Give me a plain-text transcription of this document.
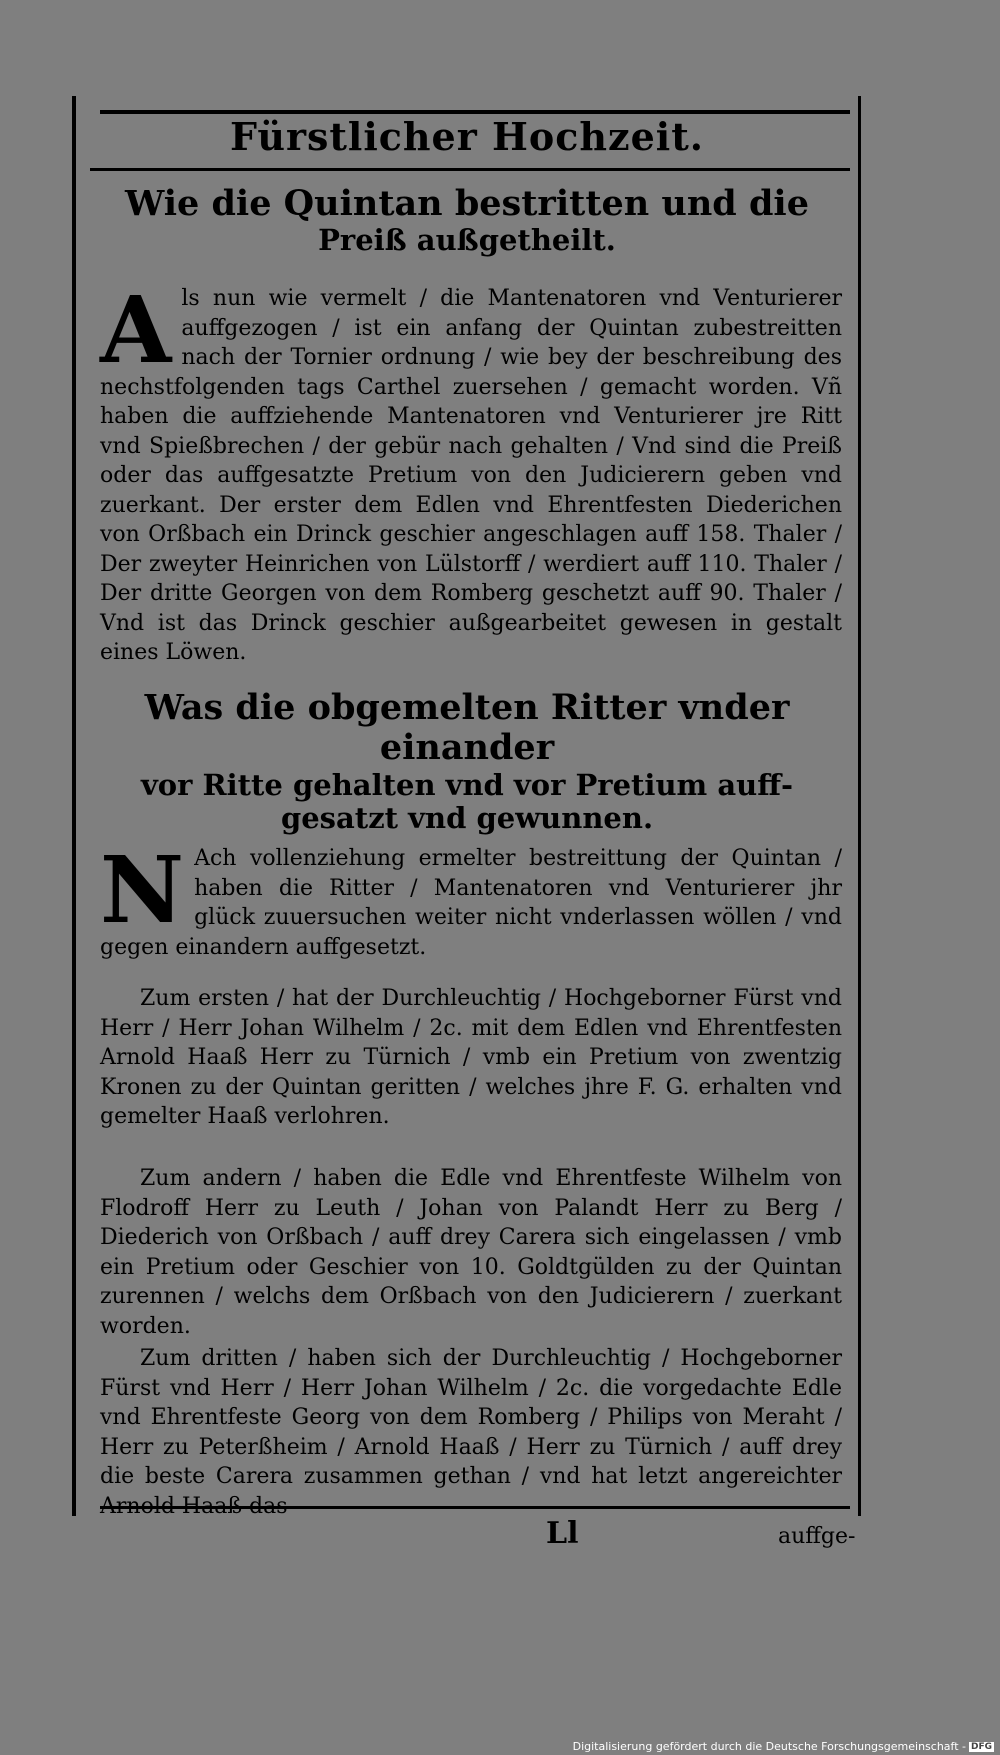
Fürstlicher Hochzeit.
Wie die Quintan bestritten und die
Preiß außgetheilt.
Als nun wie vermelt / die Mantenatoren vnd Venturierer auffgezogen / ist ein anfang der Quintan zubestreitten nach der Tornier ordnung / wie bey der beschreibung des nechstfolgenden tags Carthel zuersehen / gemacht worden. Vñ haben die auffziehende Mantenatoren vnd Venturierer jre Ritt vnd Spießbrechen / der gebür nach gehalten / Vnd sind die Preiß oder das auffgesatzte Pretium von den Judicierern geben vnd zuerkant. Der erster dem Edlen vnd Ehrentfesten Diederichen von Orßbach ein Drinck geschier angeschlagen auff 158. Thaler / Der zweyter Heinrichen von Lülstorff / werdiert auff 110. Thaler / Der dritte Georgen von dem Romberg geschetzt auff 90. Thaler / Vnd ist das Drinck geschier außgearbeitet gewesen in gestalt eines Löwen.
Was die obgemelten Ritter vnder einander
vor Ritte gehalten vnd vor Pretium auff-
gesatzt vnd gewunnen.
N Ach vollenziehung ermelter bestreittung der Quintan / haben die Ritter / Mantenatoren vnd Venturierer jhr glück zuuersuchen weiter nicht vnderlassen wöllen / vnd gegen einandern auffgesetzt.
Zum ersten / hat der Durchleuchtig / Hochgeborner Fürst vnd Herr / Herr Johan Wilhelm / 2c. mit dem Edlen vnd Ehrentfesten Arnold Haaß Herr zu Türnich / vmb ein Pretium von zwentzig Kronen zu der Quintan geritten / welches jhre F. G. erhalten vnd gemelter Haaß verlohren.
Zum andern / haben die Edle vnd Ehrentfeste Wilhelm von Flodroff Herr zu Leuth / Johan von Palandt Herr zu Berg / Diederich von Orßbach / auff drey Carera sich eingelassen / vmb ein Pretium oder Geschier von 10. Goldtgülden zu der Quintan zurennen / welchs dem Orßbach von den Judicierern / zuerkant worden.
Zum dritten / haben sich der Durchleuchtig / Hochgeborner Fürst vnd Herr / Herr Johan Wilhelm / 2c. die vorgedachte Edle vnd Ehrentfeste Georg von dem Romberg / Philips von Meraht / Herr zu Peterßheim / Arnold Haaß / Herr zu Türnich / auff drey die beste Carera zusammen gethan / vnd hat letzt angereichter Arnold Haaß das
Ll	auffge-
Digitalisierung gefördert durch die Deutsche Forschungsgemeinschaft - DFG
